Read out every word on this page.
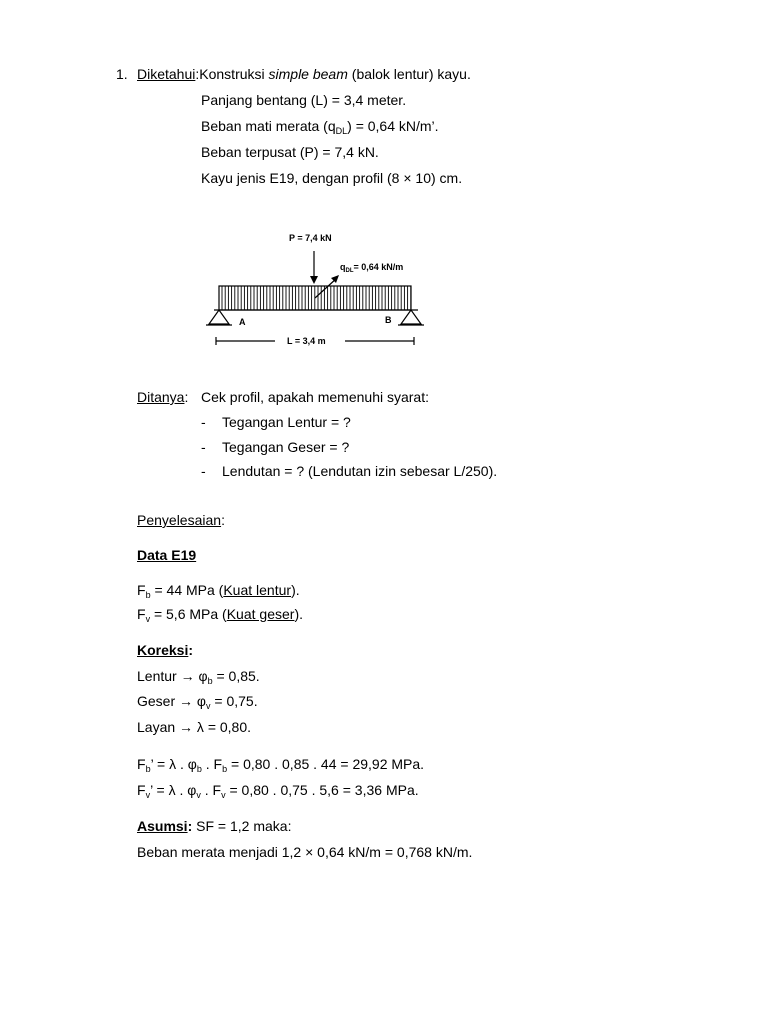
1. Diketahui:Konstruksi simple beam (balok lentur) kayu.
Panjang bentang (L) = 3,4 meter.
Beban mati merata $(q_{DL}) = 0,64$ kN/m’.
Beban terpusat (P) = 7,4 kN.
Kayu jenis E19, dengan profil (8 × 10) cm.
P = 7,4 kN
$q_{DL}= 0,64$ kN/m
A	B
L = 3,4 m
Ditanya: Cek profil, apakah memenuhi syarat:
- Tegangan Lentur = ?
- Tegangan Geser = ?
- Lendutan = ? (Lendutan izin sebesar L/250).
Penyelesaian:
Data E19
$F_b = 44$ MPa (Kuat lentur).
$F_v = 5,6$ MPa (Kuat geser).
Koreksi:
Lentur → $\varphi_b = 0,85$.
Geser → $\varphi_v = 0,75$.
Layan → λ = 0,80.
$F_b$’ = λ . $\varphi_b$ . $F_b = 0,80$ . 0,85 . 44 = 29,92 MPa.
$F_v$’ = λ . $\varphi_v$ . $F_v = 0,80$ . 0,75 . 5,6 = 3,36 MPa.
Asumsi: SF = 1,2 maka:
Beban merata menjadi 1,2 × 0,64 kN/m = 0,768 kN/m.
